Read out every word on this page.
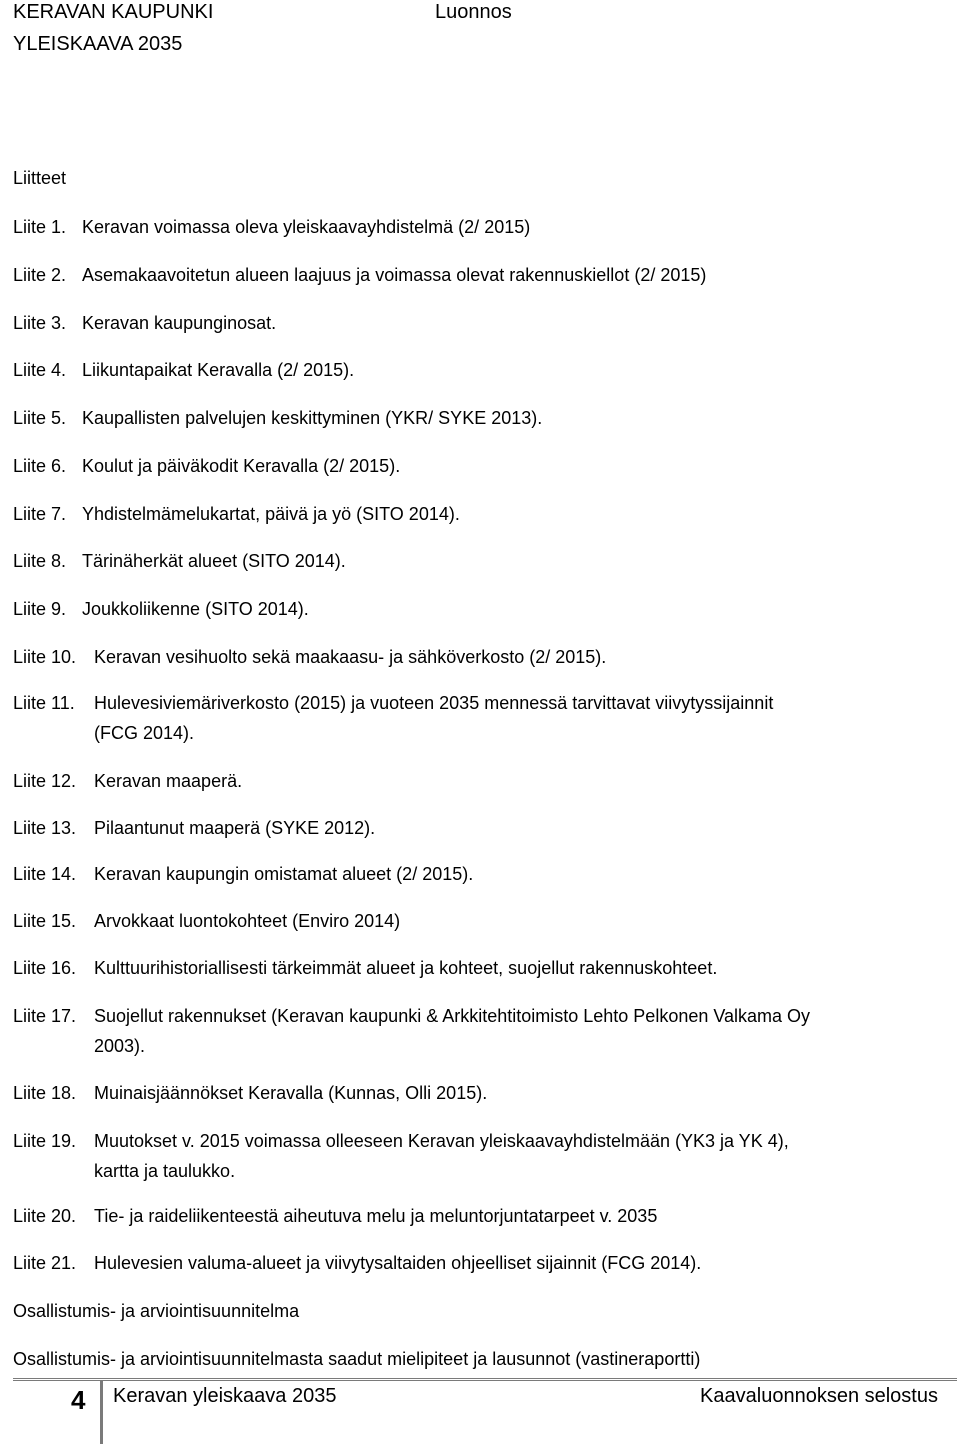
KERAVAN KAUPUNKI
YLEISKAAVA 2035
Luonnos
Liitteet
Liite 1. Keravan voimassa oleva yleiskaavayhdistelmä (2/ 2015)
Liite 2. Asemakaavoitetun alueen laajuus ja voimassa olevat rakennuskiellot (2/ 2015)
Liite 3. Keravan kaupunginosat.
Liite 4. Liikuntapaikat Keravalla (2/ 2015).
Liite 5. Kaupallisten palvelujen keskittyminen (YKR/ SYKE 2013).
Liite 6. Koulut ja päiväkodit Keravalla (2/ 2015).
Liite 7. Yhdistelmämelukartat, päivä ja yö (SITO 2014).
Liite 8. Tärinäherkät alueet (SITO 2014).
Liite 9. Joukkoliikenne (SITO 2014).
Liite 10. Keravan vesihuolto sekä maakaasu- ja sähköverkosto (2/ 2015).
Liite 11. Hulevesiviemäriverkosto (2015) ja vuoteen 2035 mennessä tarvittavat viivytyssijainnit
(FCG 2014).
Liite 12. Keravan maaperä.
Liite 13. Pilaantunut maaperä (SYKE 2012).
Liite 14. Keravan kaupungin omistamat alueet (2/ 2015).
Liite 15. Arvokkaat luontokohteet (Enviro 2014)
Liite 16. Kulttuurihistoriallisesti tärkeimmät alueet ja kohteet, suojellut rakennuskohteet.
Liite 17. Suojellut rakennukset (Keravan kaupunki & Arkkitehtitoimisto Lehto Pelkonen Valkama Oy
2003).
Liite 18. Muinaisjäännökset Keravalla (Kunnas, Olli 2015).
Liite 19. Muutokset v. 2015 voimassa olleeseen Keravan yleiskaavayhdistelmään (YK3 ja YK 4),
kartta ja taulukko.
Liite 20. Tie- ja raideliikenteestä aiheutuva melu ja meluntorjuntatarpeet v. 2035
Liite 21. Hulevesien valuma-alueet ja viivytysaltaiden ohjeelliset sijainnit (FCG 2014).
Osallistumis- ja arviointisuunnitelma
Osallistumis- ja arviointisuunnitelmasta saadut mielipiteet ja lausunnot (vastineraportti)
4 Keravan yleiskaava 2035	Kaavaluonnoksen selostus
